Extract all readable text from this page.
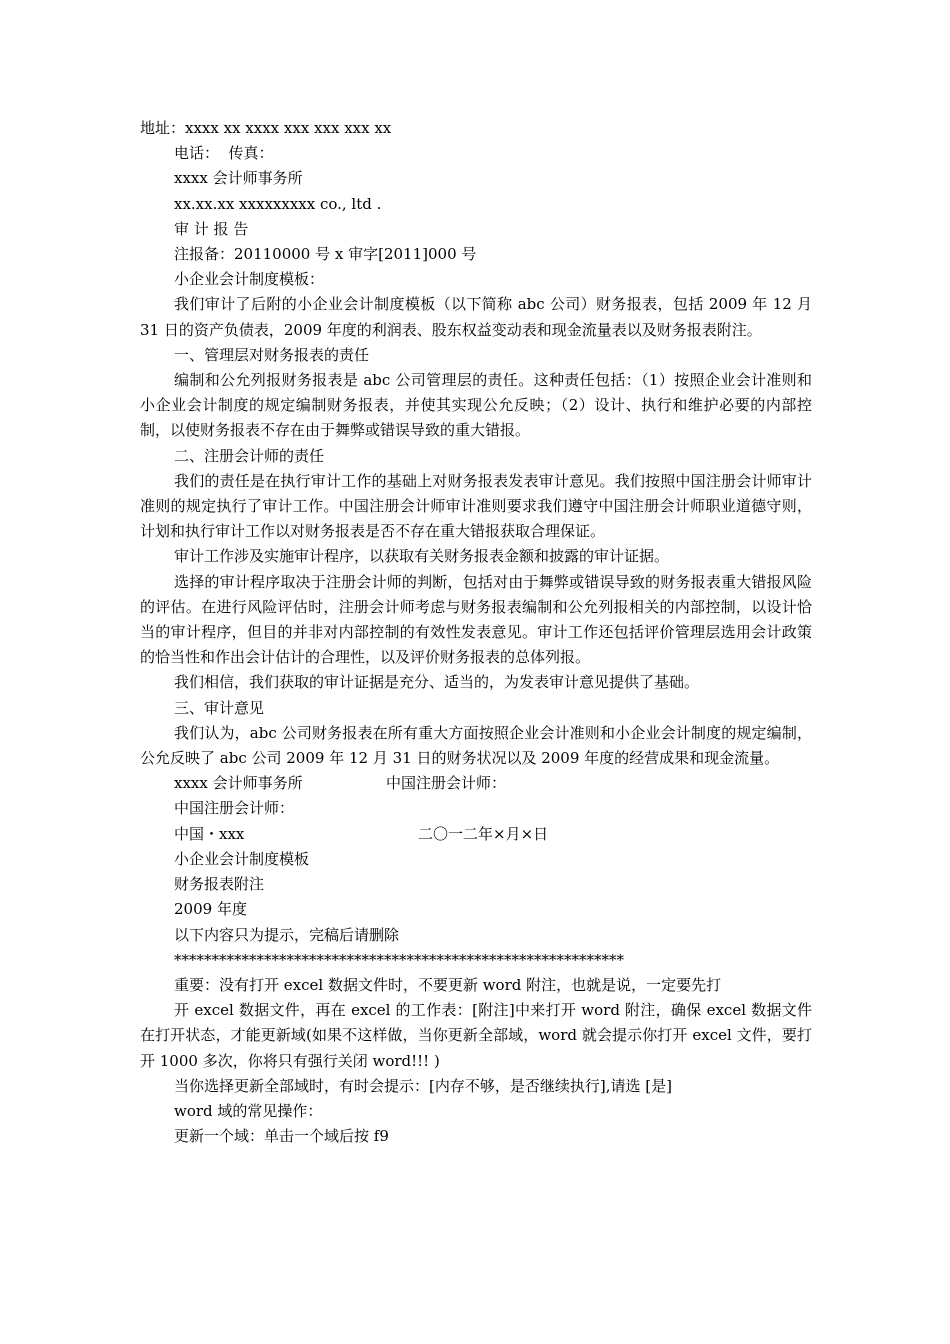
地址：xxxx xx xxxx xxx xxx xxx xx

电话：  传真：

xxxx 会计师事务所

xx.xx.xx xxxxxxxxx co., ltd .

审 计 报 告

注报备：20110000 号 x 审字[2011]000 号

小企业会计制度模板：

我们审计了后附的小企业会计制度模板（以下简称 abc 公司）财务报表，包括 2009 年 12 月 31 日的资产负债表，2009 年度的利润表、股东权益变动表和现金流量表以及财务报表附注。

一、管理层对财务报表的责任

编制和公允列报财务报表是 abc 公司管理层的责任。这种责任包括：（1）按照企业会计准则和小企业会计制度的规定编制财务报表，并使其实现公允反映；（2）设计、执行和维护必要的内部控制，以使财务报表不存在由于舞弊或错误导致的重大错报。

二、注册会计师的责任

我们的责任是在执行审计工作的基础上对财务报表发表审计意见。我们按照中国注册会计师审计准则的规定执行了审计工作。中国注册会计师审计准则要求我们遵守中国注册会计师职业道德守则，计划和执行审计工作以对财务报表是否不存在重大错报获取合理保证。

审计工作涉及实施审计程序，以获取有关财务报表金额和披露的审计证据。

选择的审计程序取决于注册会计师的判断，包括对由于舞弊或错误导致的财务报表重大错报风险的评估。在进行风险评估时，注册会计师考虑与财务报表编制和公允列报相关的内部控制，以设计恰当的审计程序，但目的并非对内部控制的有效性发表意见。审计工作还包括评价管理层选用会计政策的恰当性和作出会计估计的合理性，以及评价财务报表的总体列报。

我们相信，我们获取的审计证据是充分、适当的，为发表审计意见提供了基础。

三、审计意见

我们认为，abc 公司财务报表在所有重大方面按照企业会计准则和小企业会计制度的规定编制，公允反映了 abc 公司 2009 年 12 月 31 日的财务状况以及 2009 年度的经营成果和现金流量。

xxxx 会计师事务所	中国注册会计师：

中国注册会计师：

中国・xxx	二〇一二年×月×日

小企业会计制度模板

财务报表附注

2009 年度

以下内容只为提示，完稿后请删除

************************************************************

重要：没有打开 excel 数据文件时，不要更新 word 附注，也就是说，一定要先打

开 excel 数据文件，再在 excel 的工作表：[附注]中来打开 word 附注，确保 excel 数据文件在打开状态，才能更新域(如果不这样做，当你更新全部域，word 就会提示你打开 excel 文件，要打开 1000 多次，你将只有强行关闭 word!!! )

当你选择更新全部域时，有时会提示：[内存不够，是否继续执行],请选 [是]

word 域的常见操作：

更新一个域：单击一个域后按 f9
